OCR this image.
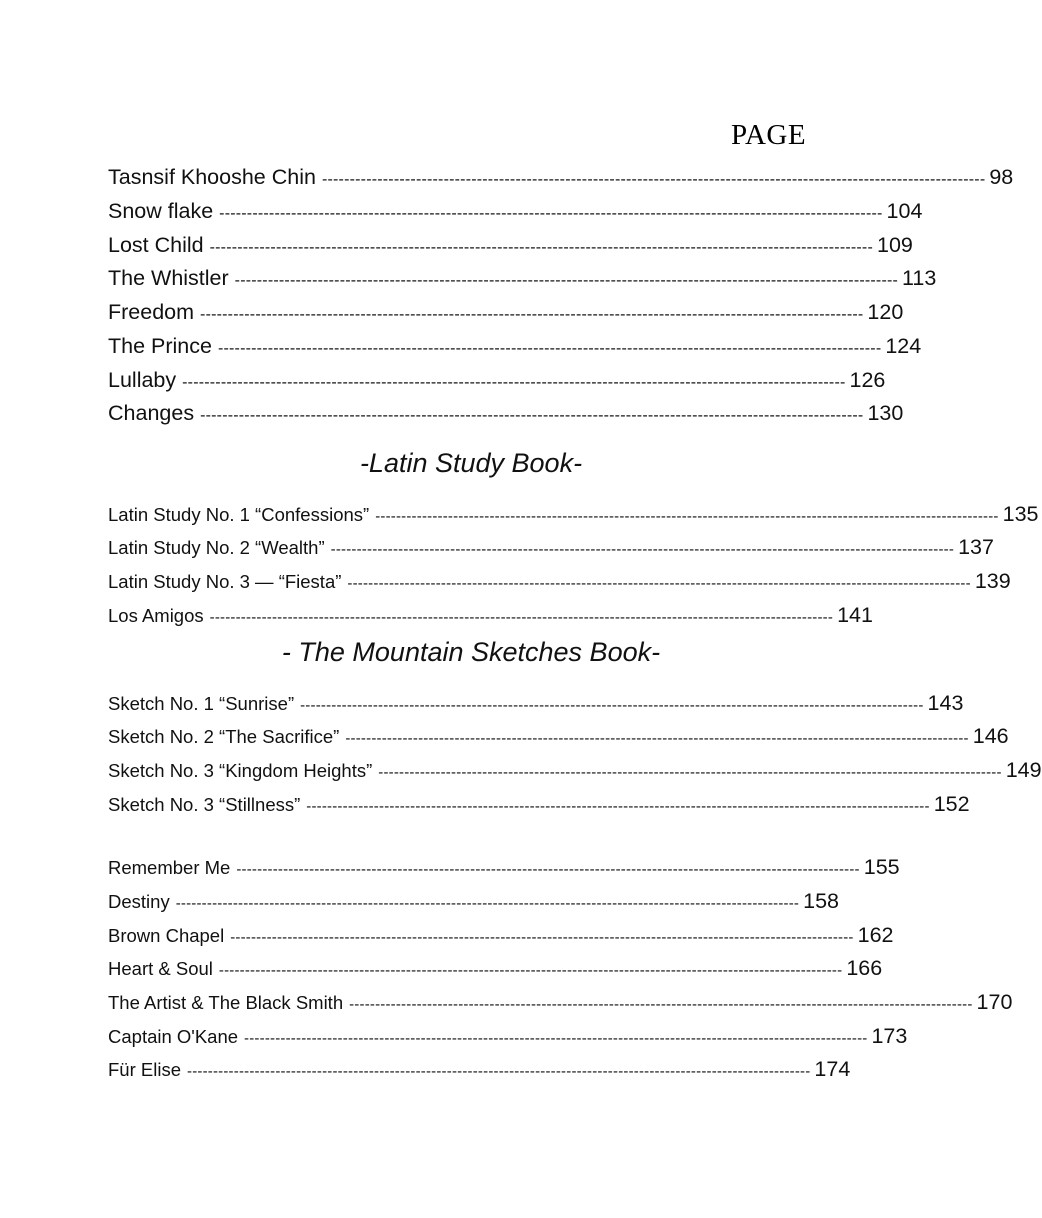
PAGE
Tasnsif Khooshe Chin ------------------------------------------------------------------------------------------------------------------------ 98
Snow flake ------------------------------------------------------------------------------------------------------------------------ 104
Lost Child ------------------------------------------------------------------------------------------------------------------------ 109
The Whistler ------------------------------------------------------------------------------------------------------------------------ 113
Freedom ------------------------------------------------------------------------------------------------------------------------ 120
The Prince ------------------------------------------------------------------------------------------------------------------------ 124
Lullaby ------------------------------------------------------------------------------------------------------------------------ 126
Changes ------------------------------------------------------------------------------------------------------------------------ 130
-Latin Study Book-
Latin Study No. 1 “Confessions” ------------------------------------------------------------------------------------------------------------------------ 135
Latin Study No. 2 “Wealth” ------------------------------------------------------------------------------------------------------------------------ 137
Latin Study No. 3 — “Fiesta” ------------------------------------------------------------------------------------------------------------------------ 139
Los Amigos ------------------------------------------------------------------------------------------------------------------------ 141
- The Mountain Sketches Book-
Sketch No. 1 “Sunrise” ------------------------------------------------------------------------------------------------------------------------ 143
Sketch No. 2 “The Sacrifice” ------------------------------------------------------------------------------------------------------------------------ 146
Sketch No. 3 “Kingdom Heights” ------------------------------------------------------------------------------------------------------------------------ 149
Sketch No. 3 “Stillness” ------------------------------------------------------------------------------------------------------------------------ 152
Remember Me ------------------------------------------------------------------------------------------------------------------------ 155
Destiny ------------------------------------------------------------------------------------------------------------------------ 158
Brown Chapel ------------------------------------------------------------------------------------------------------------------------ 162
Heart & Soul ------------------------------------------------------------------------------------------------------------------------ 166
The Artist & The Black Smith ------------------------------------------------------------------------------------------------------------------------ 170
Captain O'Kane ------------------------------------------------------------------------------------------------------------------------ 173
Für Elise ------------------------------------------------------------------------------------------------------------------------ 174
